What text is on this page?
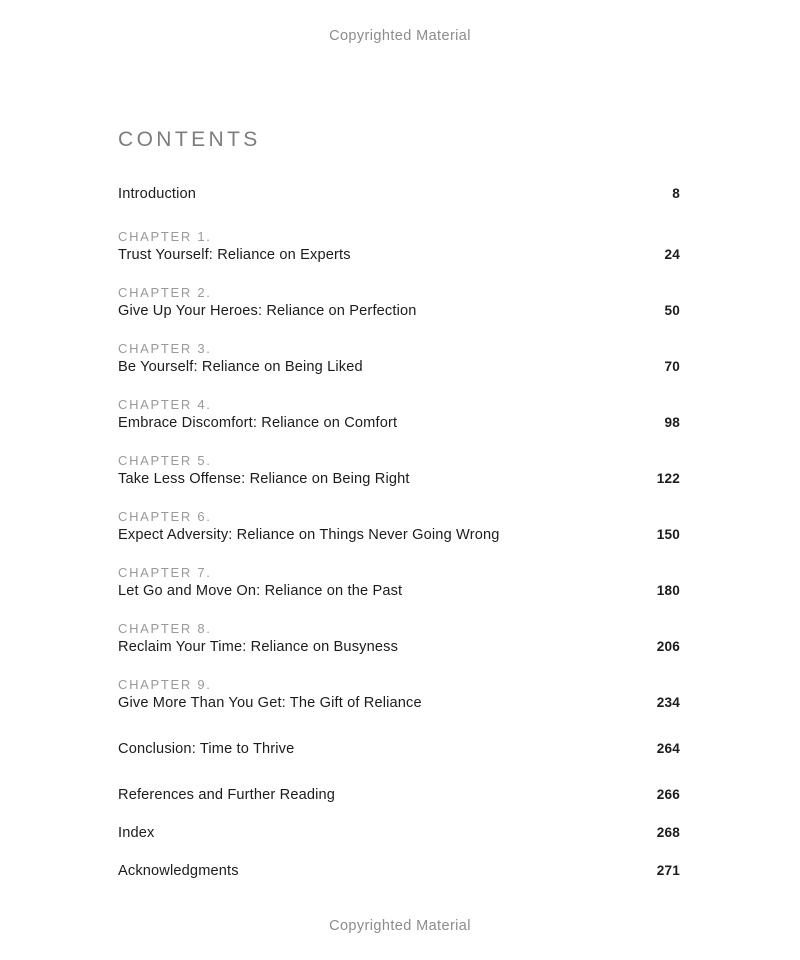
Copyrighted Material
CONTENTS
Introduction	8
CHAPTER 1.
Trust Yourself: Reliance on Experts	24
CHAPTER 2.
Give Up Your Heroes: Reliance on Perfection	50
CHAPTER 3.
Be Yourself: Reliance on Being Liked	70
CHAPTER 4.
Embrace Discomfort: Reliance on Comfort	98
CHAPTER 5.
Take Less Offense: Reliance on Being Right	122
CHAPTER 6.
Expect Adversity: Reliance on Things Never Going Wrong	150
CHAPTER 7.
Let Go and Move On: Reliance on the Past	180
CHAPTER 8.
Reclaim Your Time: Reliance on Busyness	206
CHAPTER 9.
Give More Than You Get: The Gift of Reliance	234
Conclusion: Time to Thrive	264
References and Further Reading	266
Index	268
Acknowledgments	271
Copyrighted Material
